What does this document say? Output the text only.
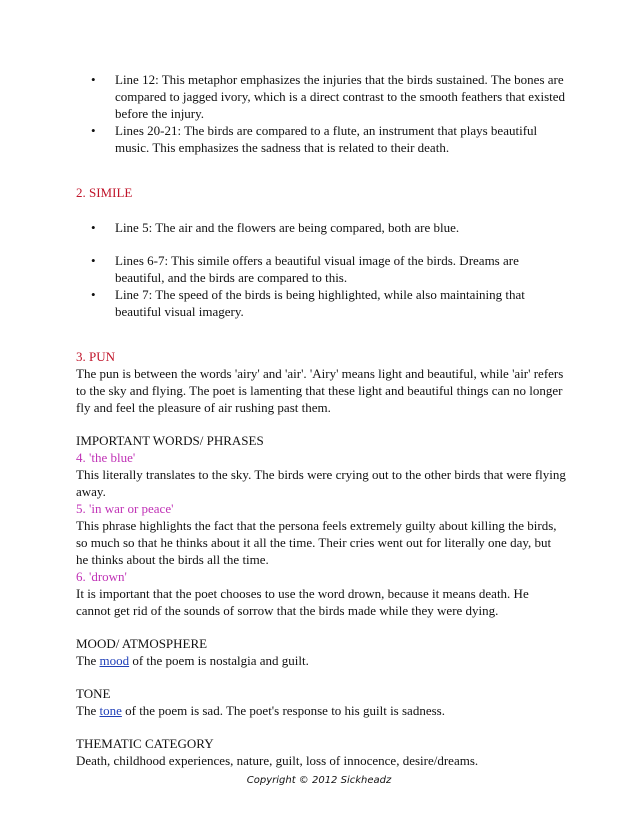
• Line 12: This metaphor emphasizes the injuries that the birds sustained. The bones are compared to jagged ivory, which is a direct contrast to the smooth feathers that existed before the injury.
• Lines 20-21: The birds are compared to a flute, an instrument that plays beautiful music. This emphasizes the sadness that is related to their death.

2. SIMILE

• Line 5: The air and the flowers are being compared, both are blue.
• Lines 6-7: This simile offers a beautiful visual image of the birds. Dreams are beautiful, and the birds are compared to this.
• Line 7: The speed of the birds is being highlighted, while also maintaining that beautiful visual imagery.

3. PUN

The pun is between the words 'airy' and 'air'. 'Airy' means light and beautiful, while 'air' refers to the sky and flying. The poet is lamenting that these light and beautiful things can no longer fly and feel the pleasure of air rushing past them.

IMPORTANT WORDS/ PHRASES

4. 'the blue'

This literally translates to the sky. The birds were crying out to the other birds that were flying away.

5. 'in war or peace'

This phrase highlights the fact that the persona feels extremely guilty about killing the birds, so much so that he thinks about it all the time. Their cries went out for literally one day, but he thinks about the birds all the time.

6. 'drown'

It is important that the poet chooses to use the word drown, because it means death. He cannot get rid of the sounds of sorrow that the birds made while they were dying.

MOOD/ ATMOSPHERE

The mood of the poem is nostalgia and guilt.

TONE

The tone of the poem is sad. The poet's response to his guilt is sadness.

THEMATIC CATEGORY

Death, childhood experiences, nature, guilt, loss of innocence, desire/dreams.

Copyright © 2012 Sickheadz
